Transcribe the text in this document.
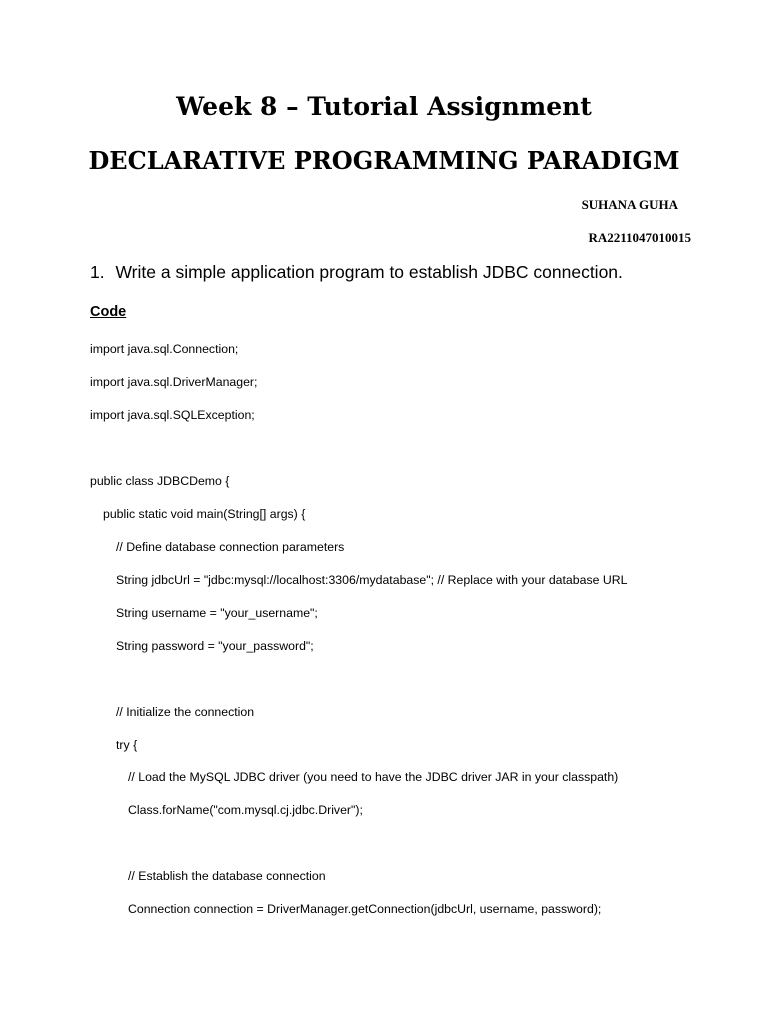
Week 8 – Tutorial Assignment
DECLARATIVE PROGRAMMING PARADIGM
SUHANA GUHA
RA2211047010015
1. Write a simple application program to establish JDBC connection.
Code
import java.sql.Connection;
import java.sql.DriverManager;
import java.sql.SQLException;
public class JDBCDemo {
public static void main(String[] args) {
// Define database connection parameters
String jdbcUrl = "jdbc:mysql://localhost:3306/mydatabase"; // Replace with your database URL
String username = "your_username";
String password = "your_password";
// Initialize the connection
try {
// Load the MySQL JDBC driver (you need to have the JDBC driver JAR in your classpath)
Class.forName("com.mysql.cj.jdbc.Driver");
// Establish the database connection
Connection connection = DriverManager.getConnection(jdbcUrl, username, password);
